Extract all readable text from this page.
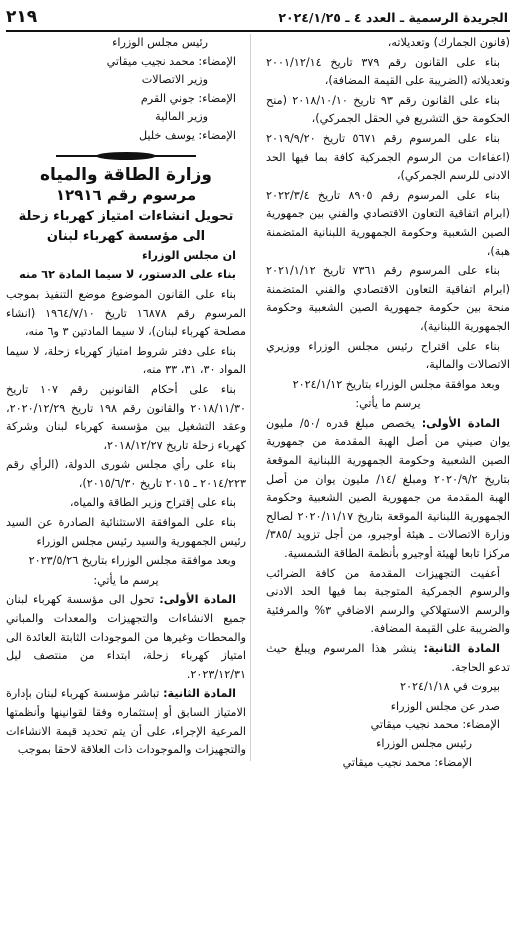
الجريدة الرسمية ـ العدد ٤ ـ ٢٠٢٤/١/٢٥
٢١٩
(قانون الجمارك) وتعديلاته،
بناء على القانون رقم ٣٧٩ تاريخ ٢٠٠١/١٢/١٤ وتعديلاته (الضريبة على القيمة المضافة)،
بناء على القانون رقم ٩٣ تاريخ ٢٠١٨/١٠/١٠ (منح الحكومة حق التشريع في الحقل الجمركي)،
بناء على المرسوم رقم ٥٦٧١ تاريخ ٢٠١٩/٩/٢٠ (اعفاءات من الرسوم الجمركية كافة بما فيها الحد الادنى للرسم الجمركي)،
بناء على المرسوم رقم ٨٩٠٥ تاريخ ٢٠٢٢/٣/٤ (ابرام اتفاقية التعاون الاقتصادي والفني بين جمهورية الصين الشعبية وحكومة الجمهورية اللبنانية المتضمنة هبة)،
بناء على المرسوم رقم ٧٣٦١ تاريخ ٢٠٢١/١/١٢ (ابرام اتفاقية التعاون الاقتصادي والفني المتضمنة منحة بين حكومة جمهورية الصين الشعبية وحكومة الجمهورية اللبنانية)،
بناء على اقتراح رئيس مجلس الوزراء ووزيري الاتصالات والمالية،
وبعد موافقة مجلس الوزراء بتاريخ ٢٠٢٤/١/١٢
يرسم ما يأتي:
المادة الأولى: يخصص مبلغ قدره /٥٠/ مليون يوان صيني من أصل الهبة المقدمة من جمهورية الصين الشعبية وحكومة الجمهورية اللبنانية الموقعة بتاريخ ٢٠٢٠/٩/٢ ومبلغ /١٤/ مليون يوان من أصل الهبة المقدمة من جمهورية الصين الشعبية وحكومة الجمهورية اللبنانية الموقعة بتاريخ ٢٠٢٠/١١/١٧ لصالح وزارة الاتصالات ـ هيئة أوجيرو، من أجل تزويد /٣٨٥/ مركزا تابعا لهيئة أوجيرو بأنظمة الطاقة الشمسية.
أعفيت التجهيزات المقدمة من كافة الضرائب والرسوم الجمركية المتوجبة بما فيها الحد الادنى والرسم الاستهلاكي والرسم الاضافي ٣% والمرفئية والضريبة على القيمة المضافة.
المادة الثانية: ينشر هذا المرسوم ويبلغ حيث تدعو الحاجة.
بيروت في ٢٠٢٤/١/١٨
صدر عن مجلس الوزراء
الإمضاء: محمد نجيب ميقاتي
رئيس مجلس الوزراء
الإمضاء: محمد نجيب ميقاتي
رئيس مجلس الوزراء
الإمضاء: محمد نجيب ميقاتي
وزير الاتصالات
الإمضاء: جوني القرم
وزير المالية
الإمضاء: يوسف خليل
وزارة الطاقة والمياه
مرسوم رقم ١٢٩١٦
تحويل انشاءات امتياز كهرباء زحلة الى مؤسسة كهرباء لبنان
ان مجلس الوزراء
بناء على الدستور، لا سيما المادة ٦٢ منه
بناء على القانون الموضوع موضع التنفيذ بموجب المرسوم رقم ١٦٨٧٨ تاريخ ١٩٦٤/٧/١٠ (انشاء مصلحة كهرباء لبنان)، لا سيما المادتين ٣ و٦ منه،
بناء على دفتر شروط امتياز كهرباء زحلة، لا سيما المواد ٣٠، ٣١، ٣٣ منه،
بناء على أحكام القانونين رقم ١٠٧ تاريخ ٢٠١٨/١١/٣٠ والقانون رقم ١٩٨ تاريخ ٢٠٢٠/١٢/٢٩، وعقد التشغيل بين مؤسسة كهرباء لبنان وشركة كهرباء زحلة تاريخ ٢٠١٨/١٢/٢٧،
بناء على رأي مجلس شورى الدولة، (الرأي رقم ٢٠١٤/٢٢٣ ـ ٢٠١٥ تاريخ ٢٠١٥/٦/٣٠)،
بناء على إقتراح وزير الطاقة والمياه،
بناء على الموافقة الاستثنائية الصادرة عن السيد رئيس الجمهورية والسيد رئيس مجلس الوزراء
وبعد موافقة مجلس الوزراء بتاريخ ٢٠٢٣/٥/٢٦
يرسم ما يأتي:
المادة الأولى: تحول الى مؤسسة كهرباء لبنان جميع الانشاءات والتجهيزات والمعدات والمباني والمحطات وغيرها من الموجودات الثابتة العائدة الى امتياز كهرباء زحلة، ابتداء من منتصف ليل ٢٠٢٣/١٢/٣١.
المادة الثانية: تباشر مؤسسة كهرباء لبنان بإدارة الامتياز السابق أو إستثماره وفقا لقوانينها وأنظمتها المرعية الإجراء، على أن يتم تحديد قيمة الانشاءات والتجهيزات والموجودات ذات العلاقة لاحقا بموجب
